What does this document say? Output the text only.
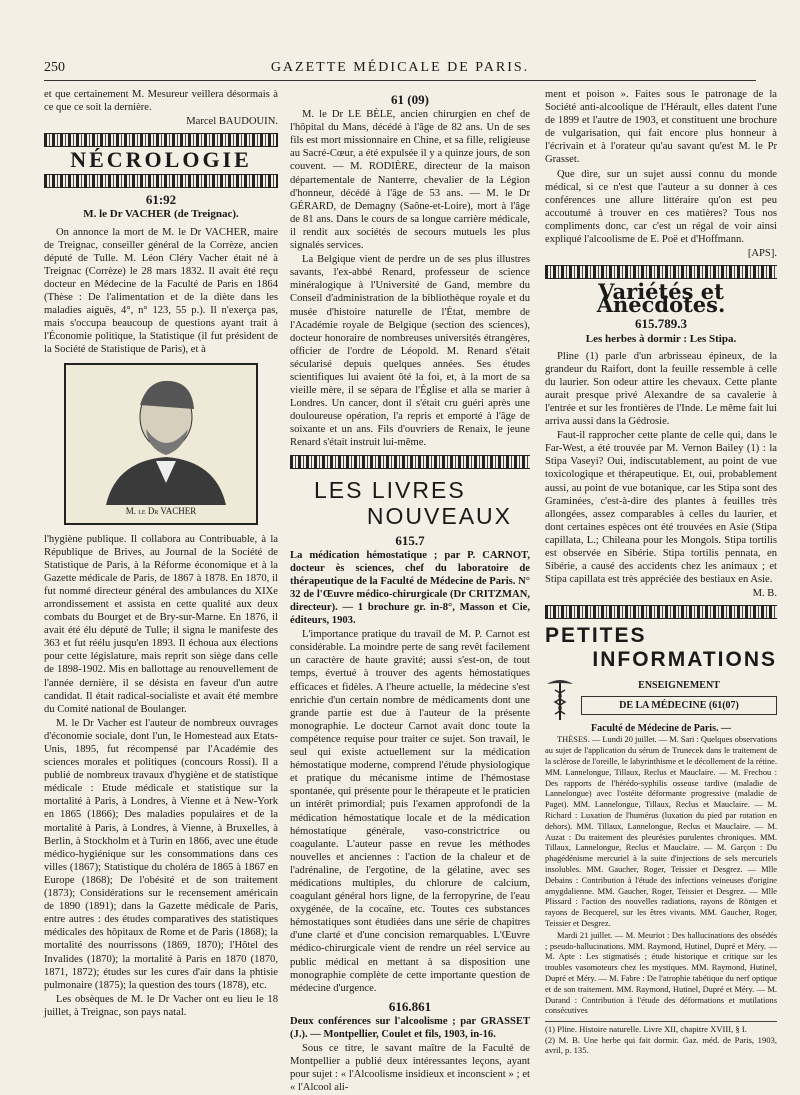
250	GAZETTE MÉDICALE DE PARIS.

et que certainement M. Mesureur veillera désormais à ce que ce soit la dernière.

Marcel BAUDOUIN.
NÉCROLOGIE
61:92
M. le Dr VACHER (de Treignac).

On annonce la mort de M. le Dr VACHER, maire de Treignac, conseiller général de la Corrèze, ancien député de Tulle. M. Léon Cléry Vacher était né à Treignac (Corrèze) le 28 mars 1832. Il avait été reçu docteur en Médecine de la Faculté de Paris en 1864 (Thèse : De l'alimentation et de la diète dans les maladies aiguës, 4°, n° 123, 55 p.). Il n'exerça pas, mais s'occupa beaucoup de questions ayant trait à l'Économie politique, la Statistique (il fut président de la Société de Statistique de Paris), et à

M. le Dr VACHER

l'hygiène publique. Il collabora au Contribuable, à la République de Brives, au Journal de la Société de Statistique de Paris, à la Réforme économique et à la Gazette médicale de Paris, de 1867 à 1878. En 1870, il fut nommé directeur général des ambulances du XIXe arrondissement et assista en cette qualité aux deux combats du Bourget et de Bry-sur-Marne. En 1876, il avait été élu député de Tulle; il signa le manifeste des 363 et fut réélu jusqu'en 1893. Il échoua aux élections pour cette législature, mais reprit son siège dans celle de 1898-1902. Mis en ballottage au renouvellement de l'année dernière, il se désista en faveur d'un autre candidat. Il était radical-socialiste et avait été membre du Comité national de Boulanger.

M. le Dr Vacher est l'auteur de nombreux ouvrages d'économie sociale, dont l'un, le Homestead aux Etats-Unis, 1895, fut récompensé par l'Académie des sciences morales et politiques (concours Rossi). Il a publié de nombreux travaux d'hygiène et de statistique médicale : Etude médicale et statistique sur la mortalité à Paris, à Londres, à Vienne et à New-York en 1865 (1866); Des maladies populaires et de la mortalité à Paris, à Londres, à Vienne, à Bruxelles, à Berlin, à Stockholm et à Turin en 1866, avec une étude médico-hygiénique sur les consommations dans ces villes (1867); Statistique du choléra de 1865 à 1867 en Europe (1868); De l'obésité et de son traitement (1873); Considérations sur le recensement américain de 1890 (1891); dans la Gazette médicale de Paris, entre autres : des études comparatives des statistiques médicales des hôpitaux de Rome et de Paris (1868); la mortalité des nourrissons (1869, 1870); l'Hôtel des Invalides (1870); la mortalité à Paris en 1870 (1870, 1871, 1872); études sur les cures d'air dans la phtisie pulmonaire (1875); la question des tours (1878), etc.

Les obsèques de M. le Dr Vacher ont eu lieu le 18 juillet, à Treignac, son pays natal.

61 (09)

M. le Dr LE BÈLE, ancien chirurgien en chef de l'hôpital du Mans, décédé à l'âge de 82 ans. Un de ses fils est mort missionnaire en Chine, et sa fille, religieuse au Sacré-Cœur, a été expulsée il y a quinze jours, de son couvent. — M. RODIÈRE, directeur de la maison départementale de Nanterre, chevalier de la Légion d'honneur, décédé à l'âge de 53 ans. — M. le Dr GÉRARD, de Demagny (Saône-et-Loire), mort à l'âge de 81 ans. Dans le cours de sa longue carrière médicale, il rendit aux sociétés de secours mutuels les plus signalés services.

La Belgique vient de perdre un de ses plus illustres savants, l'ex-abbé Renard, professeur de science minéralogique à l'Université de Gand, membre du Conseil d'administration de la bibliothèque royale et du musée d'histoire naturelle de l'État, membre de l'Académie royale de Belgique (section des sciences), docteur honoraire de nombreuses universités étrangères, officier de l'ordre de Léopold. M. Renard s'était sécularisé depuis quelques années. Ses études scientifiques lui avaient ôté la foi, et, à la mort de sa vieille mère, il se sépara de l'Église et alla se marier à Londres. Un cancer, dont il s'était cru guéri après une douloureuse opération, l'a repris et emporté à l'âge de soixante et un ans. Fils d'ouvriers de Renaix, le jeune Renard s'était instruit lui-même.

LES LIVRES
NOUVEAUX
615.7

La médication hémostatique ; par P. CARNOT, docteur ès sciences, chef du laboratoire de thérapeutique de la Faculté de Médecine de Paris. N° 32 de l'Œuvre médico-chirurgicale (Dr CRITZMAN, directeur). — 1 brochure gr. in-8°, Masson et Cie, éditeurs, 1903.

L'importance pratique du travail de M. P. Carnot est considérable. La moindre perte de sang revêt facilement un caractère de haute gravité; aussi s'est-on, de tout temps, évertué à trouver des agents hémostatiques efficaces et fidèles. A l'heure actuelle, la médecine s'est enrichie d'un certain nombre de médicaments dont une grande partie est due à l'auteur de la présente monographie. Le docteur Carnot avait donc toute la compétence requise pour traiter ce sujet. Son travail, le seul qui existe actuellement sur la médication hémostatique moderne, comprend l'étude physiologique et pratique du mécanisme intime de l'hémostase spontanée, qui présente pour le thérapeute et le praticien un intérêt primordial; puis l'examen approfondi de la médication hémostatique locale et de la médication hémostatique générale, vaso-constrictrice ou coagulante. L'auteur passe en revue les méthodes nouvelles et anciennes : l'action de la chaleur et de l'adrénaline, de l'ergotine, de la gélatine, avec ses médications multiples, du chlorure de calcium, coagulant général hors ligne, de la ferropyrine, de l'eau oxygénée, de la cocaïne, etc. Toutes ces substances hémostatiques sont étudiées dans une série de chapitres d'une clarté et d'une concision remarquables. L'Œuvre médico-chirurgicale vient de rendre un réel service au public médical en mettant à sa disposition une monographie complète de cette importante question de médecine d'urgence.

616.861

Deux conférences sur l'alcoolisme ; par GRASSET (J.). — Montpellier, Coulet et fils, 1903, in-16.

Sous ce titre, le savant maître de la Faculté de Montpellier a publié deux intéressantes leçons, ayant pour sujet : « l'Alcoolisme insidieux et inconscient » ; et « l'Alcool ali-

ment et poison ». Faites sous le patronage de la Société anti-alcoolique de l'Hérault, elles datent l'une de 1899 et l'autre de 1903, et constituent une brochure de vulgarisation, qui fait encore plus honneur à l'écrivain et à l'orateur qu'au savant qu'est M. le Pr Grasset.

Que dire, sur un sujet aussi connu du monde médical, si ce n'est que l'auteur a su donner à ces conférences une allure littéraire qu'on est peu accoutumé à trouver en ces matières? Tous nos compliments donc, car c'est un régal de voir ainsi expliqué l'alcoolisme de E. Poë et d'Hoffmann.

[APS].
Variétés et Anecdotes.
615.789.3
Les herbes à dormir : Les Stipa.

Pline (1) parle d'un arbrisseau épineux, de la grandeur du Raifort, dont la feuille ressemble à celle du laurier. Son odeur attire les chevaux. Cette plante aurait presque privé Alexandre de sa cavalerie à l'entrée et sur les frontières de l'Inde. Le même fait lui arriva aussi dans la Gédrosie.

Faut-il rapprocher cette plante de celle qui, dans le Far-West, a été trouvée par M. Vernon Bailey (1) : la Stipa Vaseyi? Oui, indiscutablement, au point de vue toxicologique et thérapeutique. Et, oui, probablement aussi, au point de vue botanique, car les Stipa sont des Graminées, c'est-à-dire des plantes à feuilles très allongées, assez comparables à celles du laurier, et dont certaines espèces ont été trouvées en Asie (Stipa capillata, L.; Chileana pour les Mongols. Stipa tortilis est observée en Sibérie. Stipa tortilis pennata, en Sibérie, a causé des accidents chez les animaux ; et Stipa capillata est très appréciée des bestiaux en Asie.

M. B.
PETITES
INFORMATIONS
ENSEIGNEMENT
DE LA MÉDECINE (61(07)
Faculté de Médecine de Paris. —

THÈSES. — Lundi 20 juillet. — M. Sari : Quelques observations au sujet de l'application du sérum de Trunecek dans le traitement de la sclérose de l'oreille, le labyrinthisme et le décollement de la rétine. MM. Lannelongue, Tillaux, Reclus et Mauclaire. — M. Frechou : Des rapports de l'hérédo-syphilis osseuse tardive (maladie de Lannelongue) avec l'ostéite déformante progressive (maladie de Paget). MM. Lannelongue, Tillaux, Reclus et Mauclaire. — M. Richard : Luxation de l'humérus (luxation du pied par rotation en dehors). MM. Tillaux, Lannelongue, Reclus et Mauclaire. — M. Auzat : Du traitement des pleurésies purulentes chroniques. MM. Tillaux, Lannelongue, Reclus et Mauclaire. — M. Garçon : Du phagédénisme mercuriel à la suite d'injections de sels mercuriels insolubles. MM. Gaucher, Roger, Teissier et Desgrez. — Mlle Debains : Contribution à l'étude des infections veineuses d'origine amygdalienne. MM. Gaucher, Roger, Teissier et Desgrez. — Mlle Plissard : l'action des nouvelles radiations, rayons de Röntgen et rayons de Becquerel, sur les êtres vivants. MM. Gaucher, Roger, Teissier et Desgrez.

Mardi 21 juillet. — M. Meuriot : Des hallucinations des obsédés ; pseudo-hallucinations. MM. Raymond, Hutinel, Dupré et Méry. — M. Apte : Les stigmatisés ; étude historique et critique sur les troubles vasomoteurs chez les mystiques. MM. Raymond, Hutinel, Dupré et Méry. — M. Fabre : De l'atrophie tabétique du nerf optique et de son traitement. MM. Raymond, Hutinel, Dupré et Méry. — M. Durand : Contribution à l'étude des déformations et mutilations consécutives

(1) Pline. Histoire naturelle. Livre XII, chapitre XVIII, § I.
(2) M. B. Une herbe qui fait dormir. Gaz. méd. de Paris, 1903, avril, p. 135.
